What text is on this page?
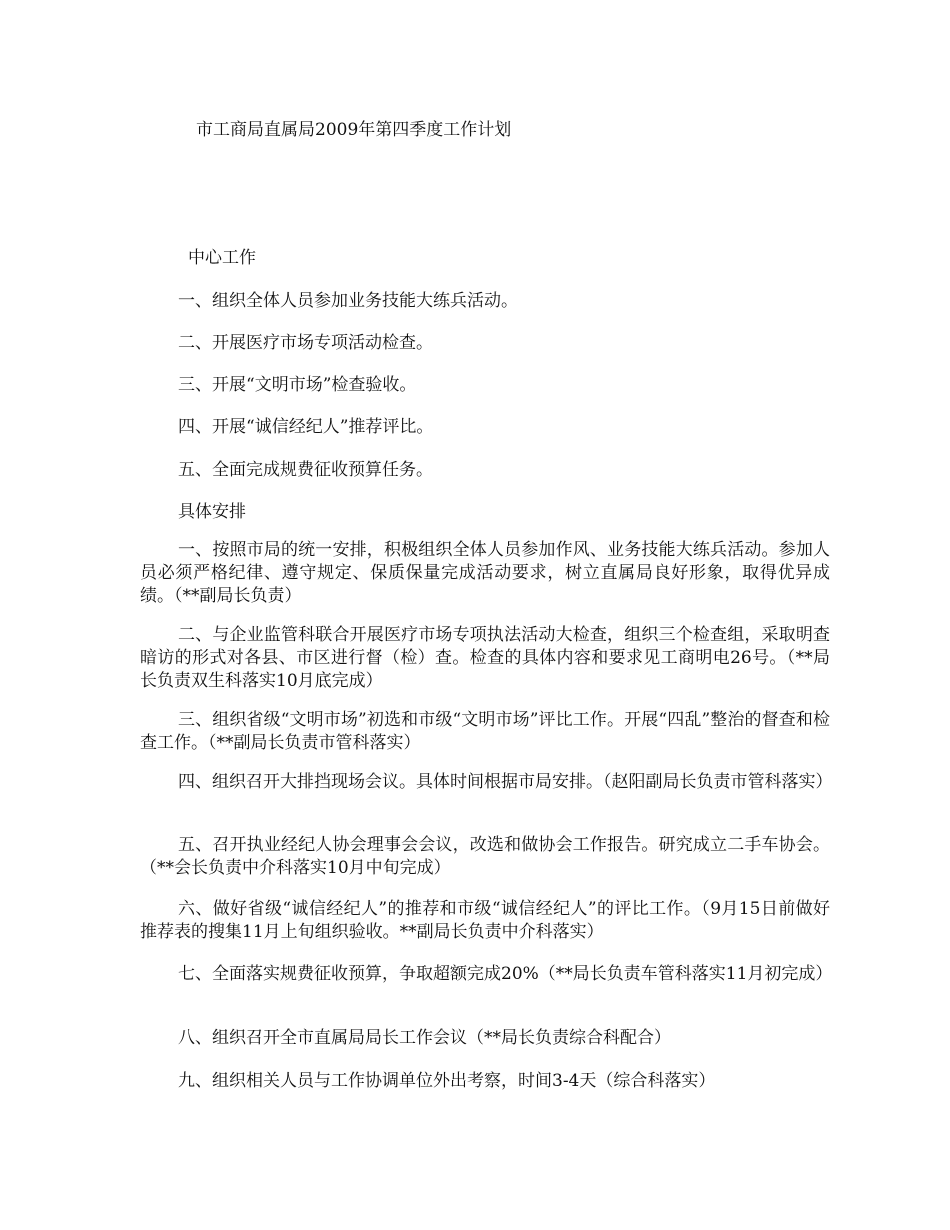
市工商局直属局2009年第四季度工作计划
中心工作
一、组织全体人员参加业务技能大练兵活动。
二、开展医疗市场专项活动检查。
三、开展“文明市场”检查验收。
四、开展“诚信经纪人”推荐评比。
五、全面完成规费征收预算任务。
具体安排
一、按照市局的统一安排，积极组织全体人员参加作风、业务技能大练兵活动。参加人员必须严格纪律、遵守规定、保质保量完成活动要求，树立直属局良好形象，取得优异成绩。（**副局长负责）
二、与企业监管科联合开展医疗市场专项执法活动大检查，组织三个检查组，采取明查暗访的形式对各县、市区进行督（检）查。检查的具体内容和要求见工商明电26号。（**局长负责双生科落实10月底完成）
三、组织省级“文明市场”初选和市级“文明市场”评比工作。开展“四乱”整治的督查和检查工作。（**副局长负责市管科落实）
四、组织召开大排挡现场会议。具体时间根据市局安排。（赵阳副局长负责市管科落实）
五、召开执业经纪人协会理事会会议，改选和做协会工作报告。研究成立二手车协会。（**会长负责中介科落实10月中旬完成）
六、做好省级“诚信经纪人”的推荐和市级“诚信经纪人”的评比工作。（9月15日前做好推荐表的搜集11月上旬组织验收。**副局长负责中介科落实）
七、全面落实规费征收预算，争取超额完成20%（**局长负责车管科落实11月初完成）
八、组织召开全市直属局局长工作会议（**局长负责综合科配合）
九、组织相关人员与工作协调单位外出考察，时间3-4天（综合科落实）
